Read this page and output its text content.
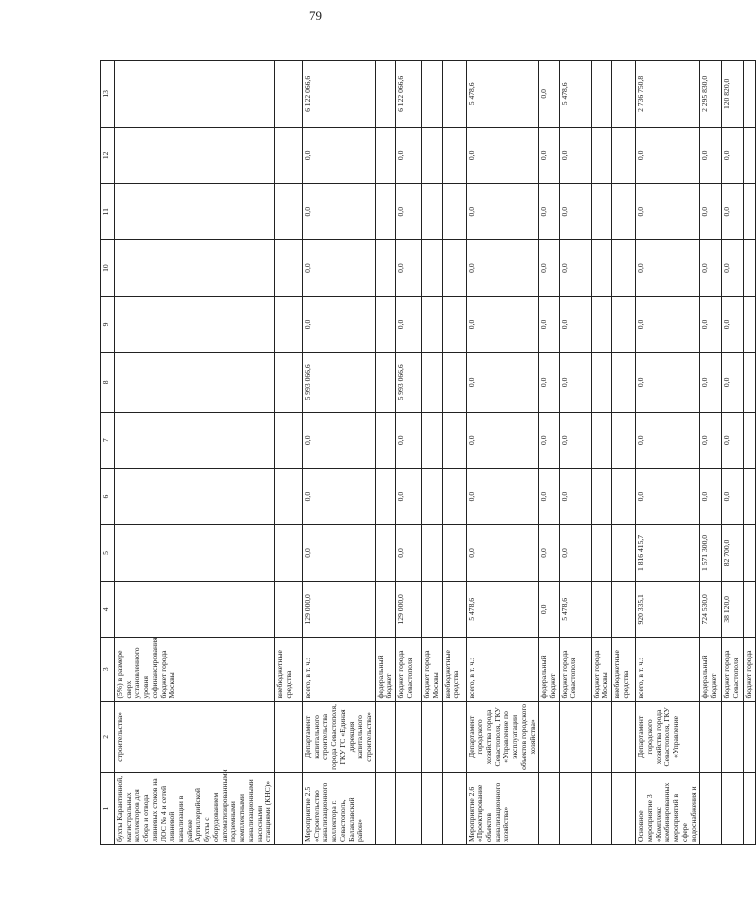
79
1	2	3	4	5	6	7	8	9	10	11	12	13
бухты Карантинной, магистральных коллекторов для сбора и отвода ливневых стоков на ЛОС № 4 и сетей ливневой канализации в районе Артиллерийской бухты с оборудованием автоматизированными подземными комплектными канализационными насосными станциями (КНС)»	строительства»	(5%) в размере сверх установленного уровня софинансирования бюджет города Москвы										
		внебюджетные средства										
Мероприятие 2.5 «Строительство канализационного коллектора г. Севастополь, Балаклавский район»	Департамент капитального строительства города Севастополя, ГКУ ГС «Единая дирекция капитального строительства»	всего, в т. ч.:	129 000,0	0,0	0,0	0,0	5 993 066,6	0,0	0,0	0,0	0,0	6 122 066,6
		федеральный бюджет										
		бюджет города Севастополя	129 000,0	0,0	0,0	0,0	5 993 066,6	0,0	0,0	0,0	0,0	6 122 066,6
		бюджет города Москвы										
		внебюджетные средства										
Мероприятие 2.6 «Проектирование объектов канализационного хозяйства»	Департамент городского хозяйства города Севастополя, ГКУ «Управление по эксплуатации объектов городского хозяйства»	всего, в т. ч.:	5 478,6	0,0	0,0	0,0	0,0	0,0	0,0	0,0	0,0	5 478,6
		федеральный бюджет	0,0	0,0	0,0	0,0	0,0	0,0	0,0	0,0	0,0	0,0
		бюджет города Севастополя	5 478,6	0,0	0,0	0,0	0,0	0,0	0,0	0,0	0,0	5 478,6
		бюджет города Москвы										
		внебюджетные средства										
Основное мероприятие 3 «Комплекс комбинированных мероприятий в сфере водоснабжения и	Департамент городского хозяйства города Севастополя, ГКУ «Управление	всего, в т. ч.:	920 335,1	1 816 415,7	0,0	0,0	0,0	0,0	0,0	0,0	0,0	2 736 750,8
		федеральный бюджет	724 530,0	1 571 300,0	0,0	0,0	0,0	0,0	0,0	0,0	0,0	2 295 830,0
		бюджет города Севастополя	38 120,0	82 700,0	0,0	0,0	0,0	0,0	0,0	0,0	0,0	120 820,0
		бюджет города										
